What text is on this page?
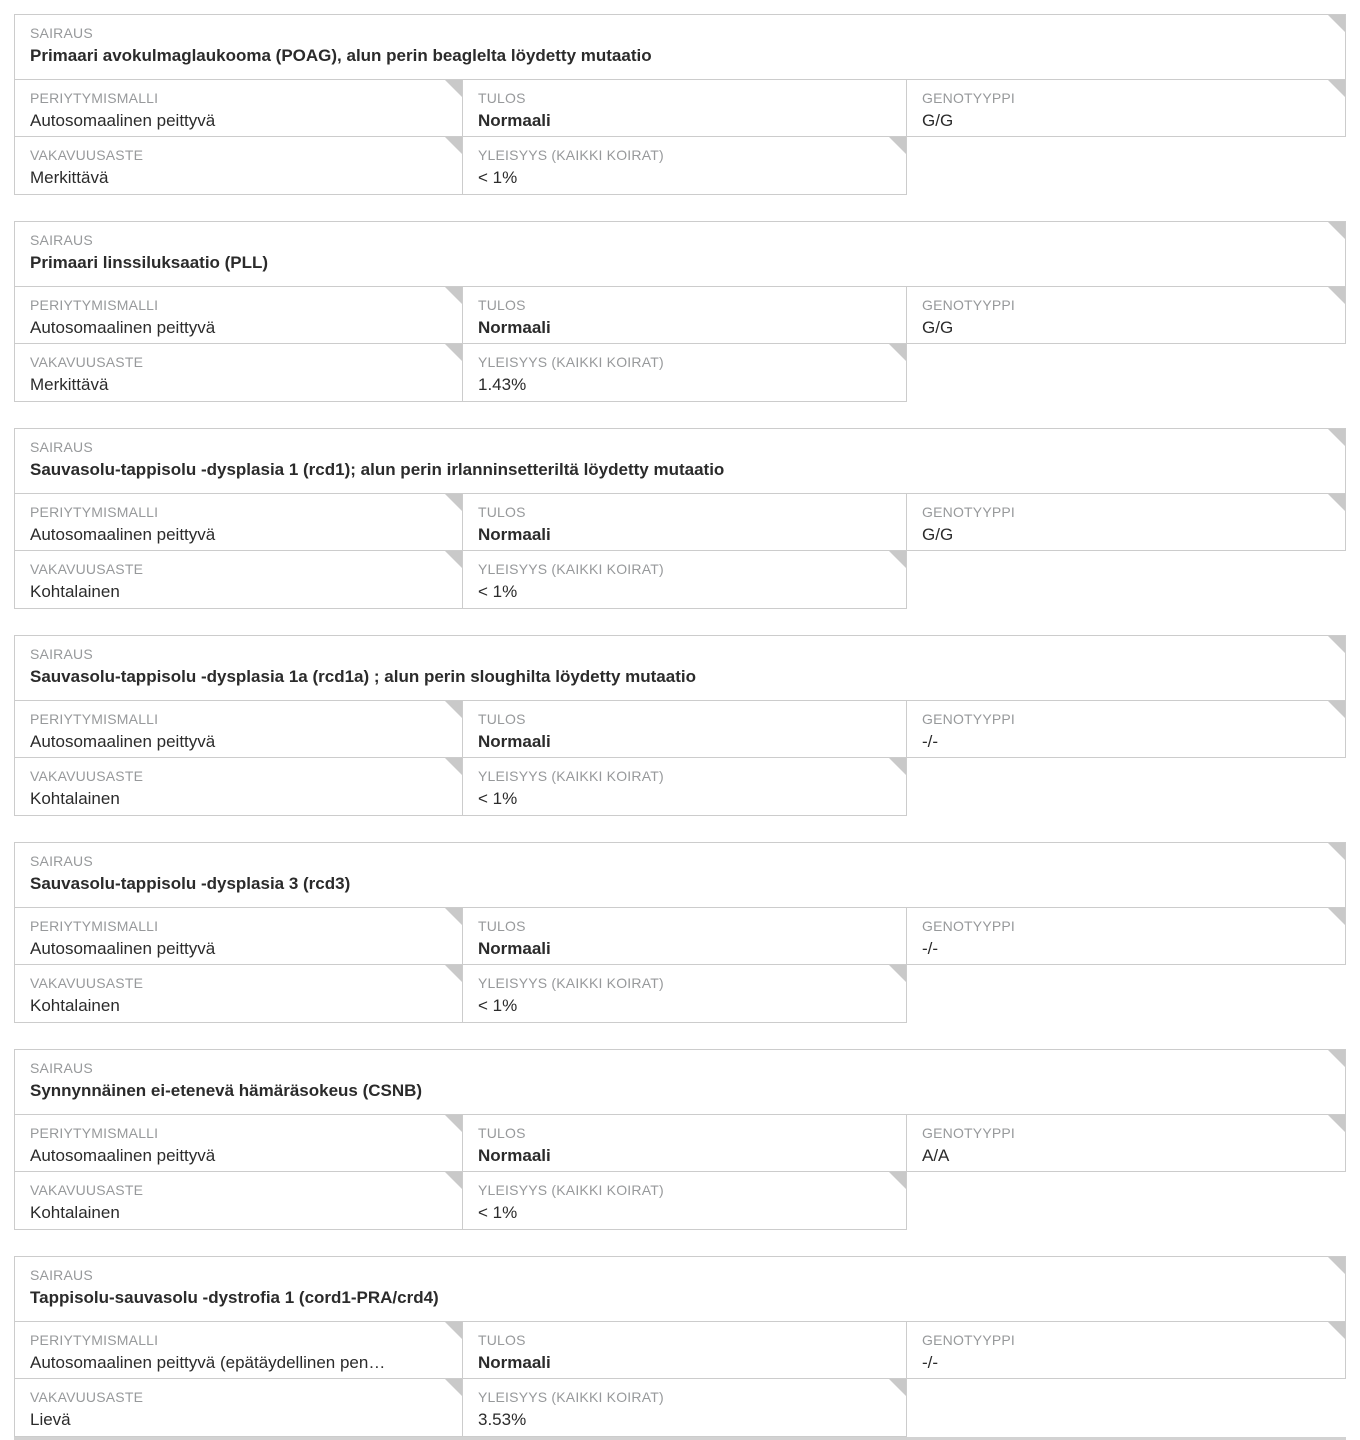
SAIRAUS
Primaari avokulmaglaukooma (POAG), alun perin beaglelta löydetty mutaatio
PERIYTYMISMALLI
Autosomaalinen peittyvä
TULOS
Normaali
GENOTYYPPI
G/G
VAKAVUUSASTE
Merkittävä
YLEISYYS (KAIKKI KOIRAT)
< 1%
SAIRAUS
Primaari linssiluksaatio (PLL)
PERIYTYMISMALLI
Autosomaalinen peittyvä
TULOS
Normaali
GENOTYYPPI
G/G
VAKAVUUSASTE
Merkittävä
YLEISYYS (KAIKKI KOIRAT)
1.43%
SAIRAUS
Sauvasolu-tappisolu -dysplasia 1 (rcd1); alun perin irlanninsetteriltä löydetty mutaatio
PERIYTYMISMALLI
Autosomaalinen peittyvä
TULOS
Normaali
GENOTYYPPI
G/G
VAKAVUUSASTE
Kohtalainen
YLEISYYS (KAIKKI KOIRAT)
< 1%
SAIRAUS
Sauvasolu-tappisolu -dysplasia 1a (rcd1a) ; alun perin sloughilta löydetty mutaatio
PERIYTYMISMALLI
Autosomaalinen peittyvä
TULOS
Normaali
GENOTYYPPI
-/-
VAKAVUUSASTE
Kohtalainen
YLEISYYS (KAIKKI KOIRAT)
< 1%
SAIRAUS
Sauvasolu-tappisolu -dysplasia 3 (rcd3)
PERIYTYMISMALLI
Autosomaalinen peittyvä
TULOS
Normaali
GENOTYYPPI
-/-
VAKAVUUSASTE
Kohtalainen
YLEISYYS (KAIKKI KOIRAT)
< 1%
SAIRAUS
Synnynnäinen ei-etenevä hämäräsokeus (CSNB)
PERIYTYMISMALLI
Autosomaalinen peittyvä
TULOS
Normaali
GENOTYYPPI
A/A
VAKAVUUSASTE
Kohtalainen
YLEISYYS (KAIKKI KOIRAT)
< 1%
SAIRAUS
Tappisolu-sauvasolu -dystrofia 1 (cord1-PRA/crd4)
PERIYTYMISMALLI
Autosomaalinen peittyvä (epätäydellinen pen…
TULOS
Normaali
GENOTYYPPI
-/-
VAKAVUUSASTE
Lievä
YLEISYYS (KAIKKI KOIRAT)
3.53%
